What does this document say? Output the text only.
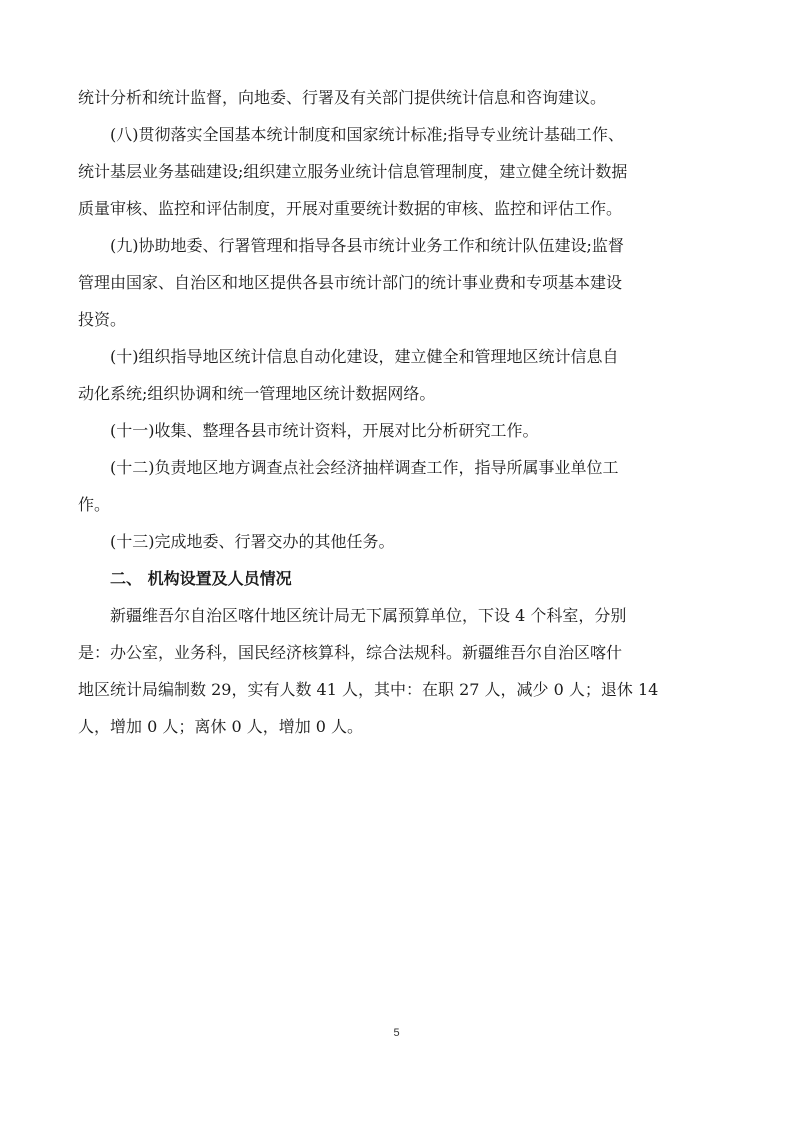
统计分析和统计监督，向地委、行署及有关部门提供统计信息和咨询建议。
(八)贯彻落实全国基本统计制度和国家统计标准;指导专业统计基础工作、
统计基层业务基础建设;组织建立服务业统计信息管理制度，建立健全统计数据
质量审核、监控和评估制度，开展对重要统计数据的审核、监控和评估工作。
(九)协助地委、行署管理和指导各县市统计业务工作和统计队伍建设;监督
管理由国家、自治区和地区提供各县市统计部门的统计事业费和专项基本建设
投资。
(十)组织指导地区统计信息自动化建设，建立健全和管理地区统计信息自
动化系统;组织协调和统一管理地区统计数据网络。
(十一)收集、整理各县市统计资料，开展对比分析研究工作。
(十二)负责地区地方调查点社会经济抽样调查工作，指导所属事业单位工
作。
(十三)完成地委、行署交办的其他任务。
二、 机构设置及人员情况
新疆维吾尔自治区喀什地区统计局无下属预算单位，下设 4 个科室，分别
是：办公室，业务科，国民经济核算科，综合法规科。新疆维吾尔自治区喀什
地区统计局编制数 29，实有人数 41 人，其中：在职 27 人，减少 0 人；退休 14
人，增加 0 人；离休 0 人，增加 0 人。
5
